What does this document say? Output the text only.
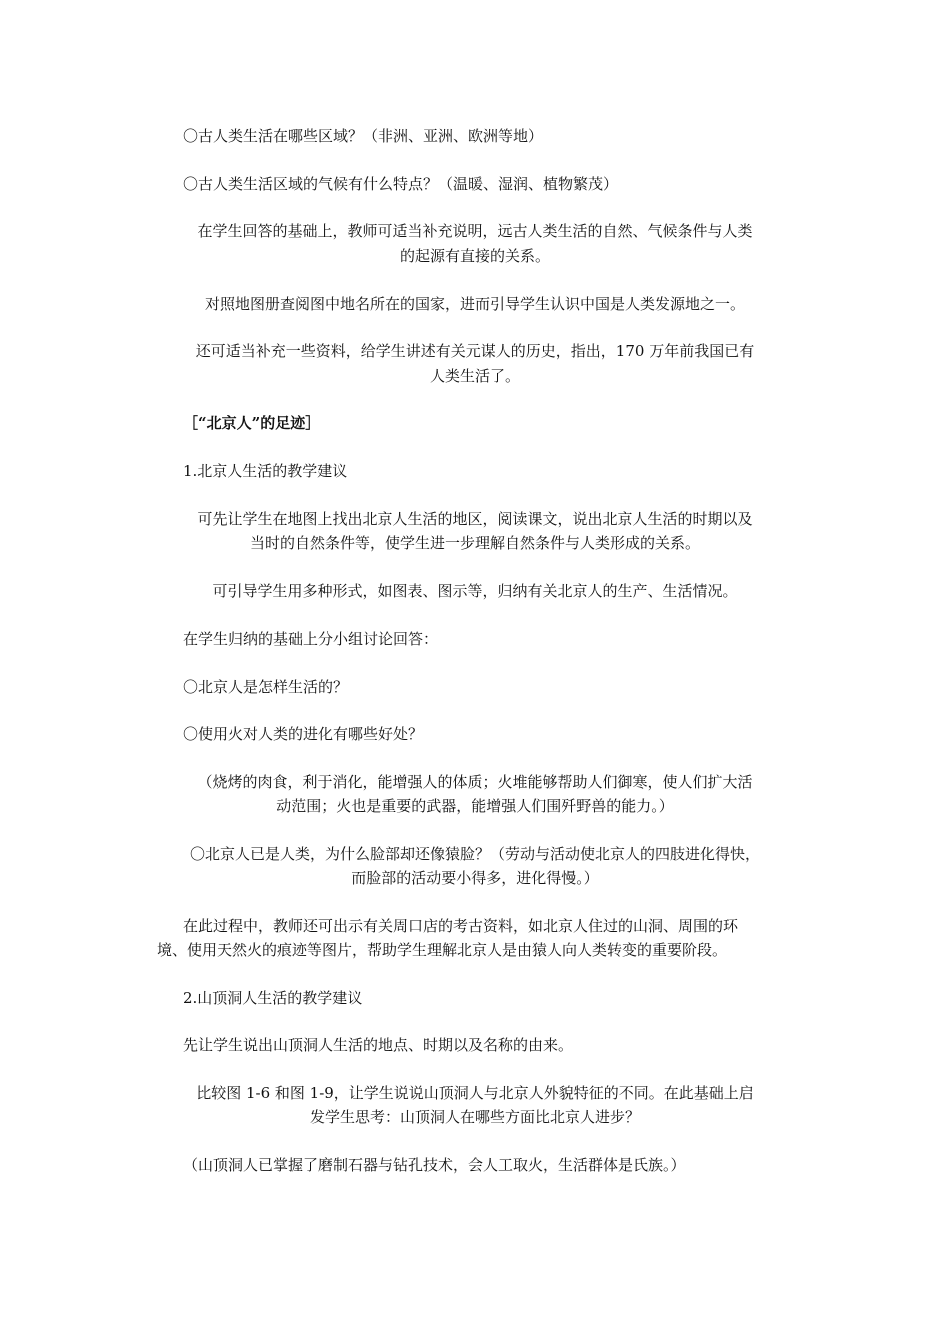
〇古人类生活在哪些区域？（非洲、亚洲、欧洲等地）
〇古人类生活区域的气候有什么特点？（温暖、湿润、植物繁茂）
在学生回答的基础上，教师可适当补充说明，远古人类生活的自然、气候条件与人类
的起源有直接的关系。
对照地图册查阅图中地名所在的国家，进而引导学生认识中国是人类发源地之一。
还可适当补充一些资料，给学生讲述有关元谋人的历史，指出，170 万年前我国已有
人类生活了。
［“北京人”的足迹］
1.北京人生活的教学建议
可先让学生在地图上找出北京人生活的地区，阅读课文，说出北京人生活的时期以及
当时的自然条件等，使学生进一步理解自然条件与人类形成的关系。
可引导学生用多种形式，如图表、图示等，归纳有关北京人的生产、生活情况。
在学生归纳的基础上分小组讨论回答：
〇北京人是怎样生活的？
〇使用火对人类的进化有哪些好处？
（烧烤的肉食，利于消化，能增强人的体质；火堆能够帮助人们御寒，使人们扩大活
动范围；火也是重要的武器，能增强人们围歼野兽的能力。）
〇北京人已是人类，为什么脸部却还像猿脸？（劳动与活动使北京人的四肢进化得快，
而脸部的活动要小得多，进化得慢。）
在此过程中，教师还可出示有关周口店的考古资料，如北京人住过的山洞、周围的环
境、使用天然火的痕迹等图片，帮助学生理解北京人是由猿人向人类转变的重要阶段。
2.山顶洞人生活的教学建议
先让学生说出山顶洞人生活的地点、时期以及名称的由来。
比较图 1-6 和图 1-9，让学生说说山顶洞人与北京人外貌特征的不同。在此基础上启
发学生思考：山顶洞人在哪些方面比北京人进步？
（山顶洞人已掌握了磨制石器与钻孔技术，会人工取火，生活群体是氏族。）
